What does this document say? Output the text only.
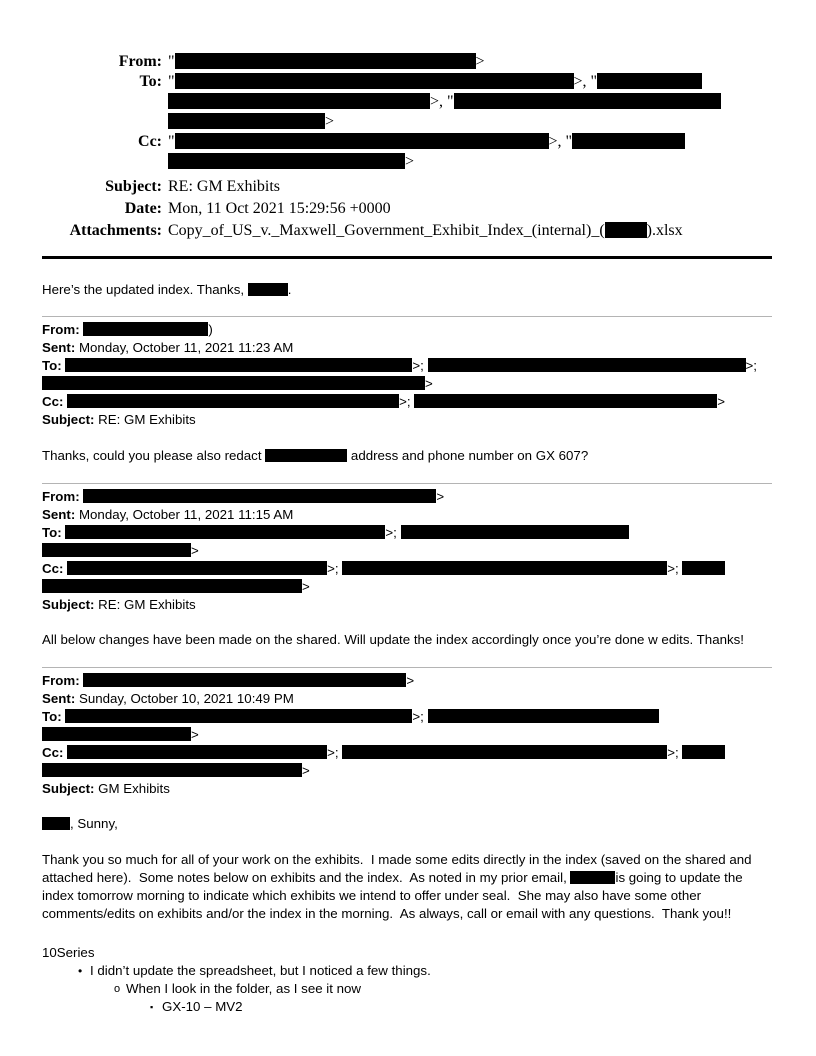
From: "	>
To: "	>, "
>, "
>
Cc: "	>, "
>
Subject: RE: GM Exhibits
Date: Mon, 11 Oct 2021 15:29:56 +0000
Attachments: Copy_of_US_v._Maxwell_Government_Exhibit_Index_(internal)_(	).xlsx
Here’s the updated index. Thanks,	.
From:	)
Sent: Monday, October 11, 2021 11:23 AM
To:	>;	>;
>
Cc:	>;	>
Subject: RE: GM Exhibits
Thanks, could you please also redact	address and phone number on GX 607?
From:	>
Sent: Monday, October 11, 2021 11:15 AM
To:	>;
>
Cc:	>;	>;
>
Subject: RE: GM Exhibits
All below changes have been made on the shared. Will update the index accordingly once you’re done w edits. Thanks!
From:	>
Sent: Sunday, October 10, 2021 10:49 PM
To:	>;
>
Cc:	>;	>;
>
Subject: GM Exhibits
, Sunny,
Thank you so much for all of your work on the exhibits.  I made some edits directly in the index (saved on the shared and attached here).  Some notes below on exhibits and the index.  As noted in my prior email,	is going to update the index tomorrow morning to indicate which exhibits we intend to offer under seal.  She may also have some other comments/edits on exhibits and/or the index in the morning.  As always, call or email with any questions.  Thank you!!
10Series
• I didn’t update the spreadsheet, but I noticed a few things.
o When I look in the folder, as I see it now
▪ GX-10 – MV2
